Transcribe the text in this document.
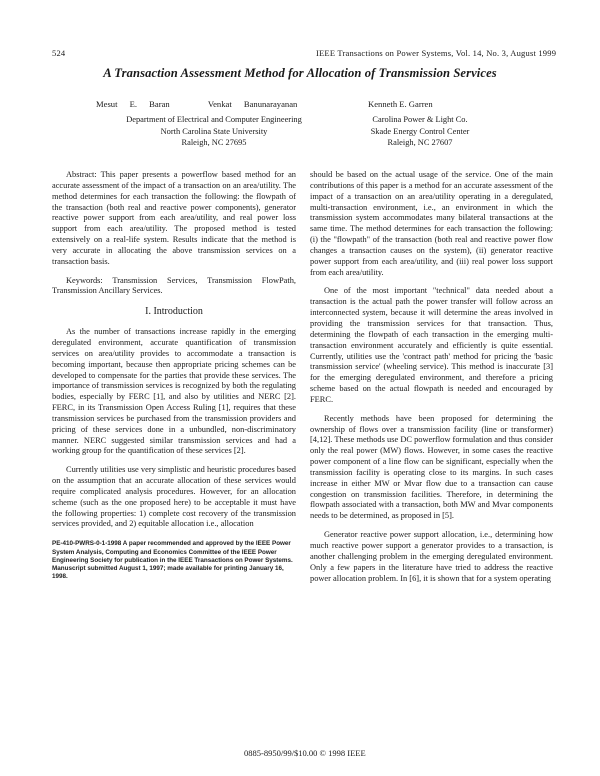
524	IEEE Transactions on Power Systems, Vol. 14, No. 3, August 1999
A Transaction Assessment Method for Allocation of Transmission Services
Mesut E. Baran	Venkat Banunarayanan	Kenneth E. Garren
Department of Electrical and Computer Engineering
North Carolina State University
Raleigh, NC 27695
Carolina Power & Light Co.
Skade Energy Control Center
Raleigh, NC 27607

Abstract: This paper presents a powerflow based method for an accurate assessment of the impact of a transaction on an area/utility. The method determines for each transaction the following: the flowpath of the transaction (both real and reactive power components), generator reactive power support from each area/utility, and real power loss support from each area/utility. The proposed method is tested extensively on a real-life system. Results indicate that the method is very accurate in allocating the above transmission services on a transaction basis.

Keywords: Transmission Services, Transmission FlowPath, Transmission Ancillary Services.

I. Introduction

As the number of transactions increase rapidly in the emerging deregulated environment, accurate quantification of transmission services on area/utility provides to accommodate a transaction is becoming important, because then appropriate pricing schemes can be developed to compensate for the parties that provide these services. The importance of transmission services is recognized by both the regulating bodies, especially by FERC [1], and also by utilities and NERC [2]. FERC, in its Transmission Open Access Ruling [1], requires that these transmission services be purchased from the transmission providers and pricing of these services done in a unbundled, non-discriminatory manner. NERC suggested similar transmission services and had a working group for the quantification of these services [2].

Currently utilities use very simplistic and heuristic procedures based on the assumption that an accurate allocation of these services would require complicated analysis procedures. However, for an allocation scheme (such as the one proposed here) to be acceptable it must have the following properties: 1) complete cost recovery of the transmission services provided, and 2) equitable allocation i.e., allocation

PE-410-PWRS-0-1-1998 A paper recommended and approved by the IEEE Power System Analysis, Computing and Economics Committee of the IEEE Power Engineering Society for publication in the IEEE Transactions on Power Systems. Manuscript submitted August 1, 1997; made available for printing January 16, 1998.

should be based on the actual usage of the service. One of the main contributions of this paper is a method for an accurate assessment of the impact of a transaction on an area/utility operating in a deregulated, multi-transaction environment, i.e., an environment in which the transmission system accommodates many bilateral transactions at the same time. The method determines for each transaction the following: (i) the "flowpath" of the transaction (both real and reactive power flow changes a transaction causes on the system), (ii) generator reactive power support from each area/utility, and (iii) real power loss support from each area/utility.

One of the most important "technical" data needed about a transaction is the actual path the power transfer will follow across an interconnected system, because it will determine the areas involved in providing the transmission services for that transaction. Thus, determining the flowpath of each transaction in the emerging multi-transaction environment accurately and efficiently is quite essential. Currently, utilities use the 'contract path' method for pricing the 'basic transmission service' (wheeling service). This method is inaccurate [3] for the emerging deregulated environment, and therefore a pricing scheme based on the actual flowpath is needed and encouraged by FERC.

Recently methods have been proposed for determining the ownership of flows over a transmission facility (line or transformer) [4,12]. These methods use DC powerflow formulation and thus consider only the real power (MW) flows. However, in some cases the reactive power component of a line flow can be significant, especially when the transmission facility is operating close to its margins. In such cases increase in either MW or Mvar flow due to a transaction can cause congestion on transmission facilities. Therefore, in determining the flowpath associated with a transaction, both MW and Mvar components needs to be determined, as proposed in [5].

Generator reactive power support allocation, i.e., determining how much reactive power support a generator provides to a transaction, is another challenging problem in the emerging deregulated environment. Only a few papers in the literature have tried to address the reactive power allocation problem. In [6], it is shown that for a system operating

0885-8950/99/$10.00 © 1998 IEEE
